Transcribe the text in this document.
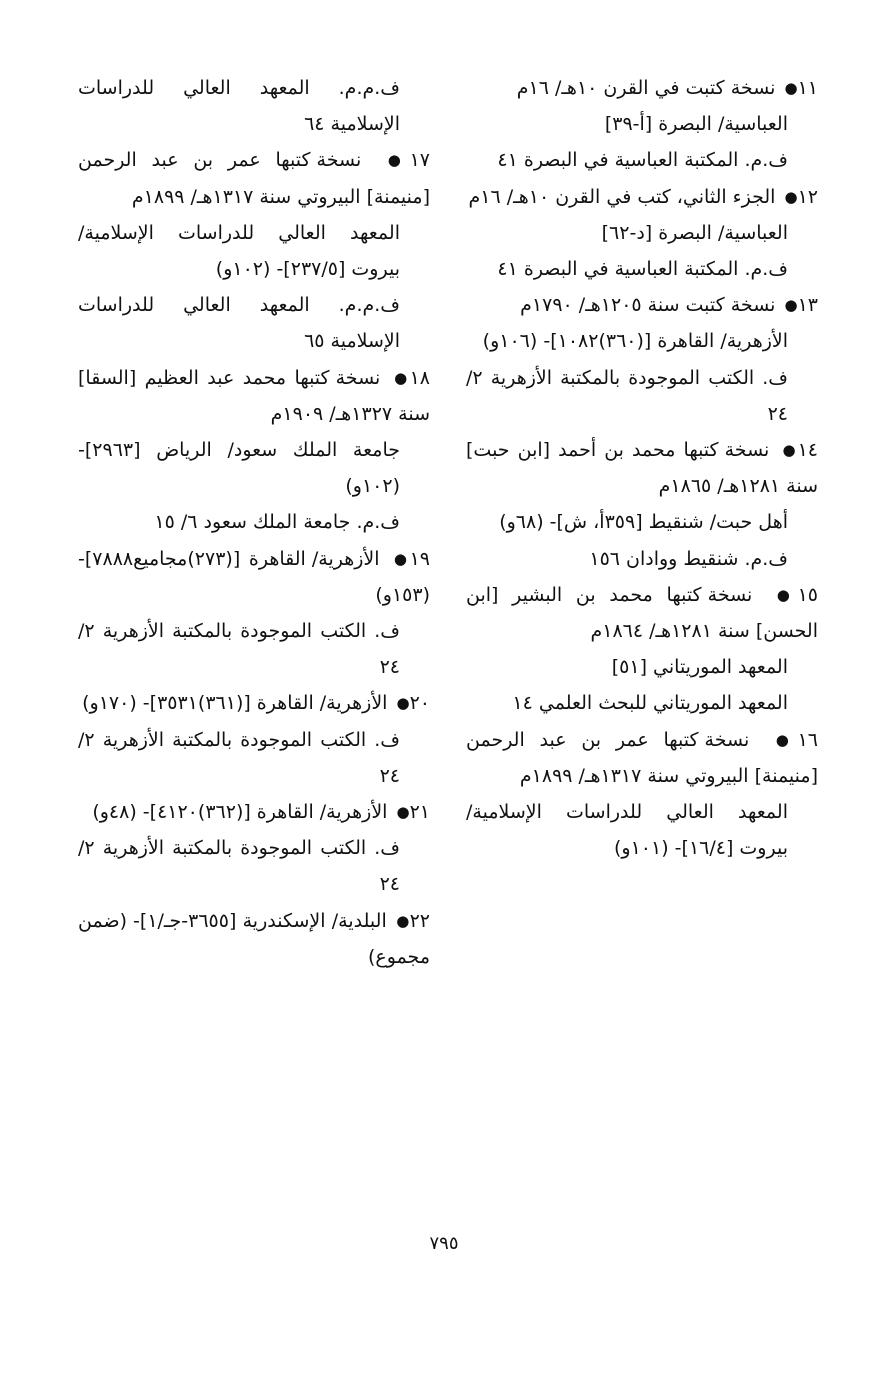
١١● نسخة كتبت في القرن ١٠هـ/ ١٦م
العباسية/ البصرة [أ-٣٩]
ف.م. المكتبة العباسية في البصرة ٤١
١٢● الجزء الثاني، كتب في القرن ١٠هـ/ ١٦م
العباسية/ البصرة [د-٦٢]
ف.م. المكتبة العباسية في البصرة ٤١
١٣● نسخة كتبت سنة ١٢٠٥هـ/ ١٧٩٠م
الأزهرية/ القاهرة [(٣٦٠)١٠٨٢]- (١٠٦و)
ف. الكتب الموجودة بالمكتبة الأزهرية ٢/ ٢٤
١٤● نسخة كتبها محمد بن أحمد [ابن حبت] سنة ١٢٨١هـ/ ١٨٦٥م
أهل حبت/ شنقيط [٣٥٩أ، ش]- (٦٨و)
ف.م. شنقيط ووادان ١٥٦
١٥● نسخة كتبها محمد بن البشير [ابن الحسن] سنة ١٢٨١هـ/ ١٨٦٤م
المعهد الموريتاني [٥١]
المعهد الموريتاني للبحث العلمي ١٤
١٦● نسخة كتبها عمر بن عبد الرحمن [منيمنة] البيروتي سنة ١٣١٧هـ/ ١٨٩٩م
المعهد العالي للدراسات الإسلامية/ بيروت [١٦/٤]- (١٠١و)
ف.م.م. المعهد العالي للدراسات الإسلامية ٦٤
١٧● نسخة كتبها عمر بن عبد الرحمن [منيمنة] البيروتي سنة ١٣١٧هـ/ ١٨٩٩م
المعهد العالي للدراسات الإسلامية/ بيروت [٢٣٧/٥]- (١٠٢و)
ف.م.م. المعهد العالي للدراسات الإسلامية ٦٥
١٨● نسخة كتبها محمد عبد العظيم [السقا] سنة ١٣٢٧هـ/ ١٩٠٩م
جامعة الملك سعود/ الرياض [٢٩٦٣]- (١٠٢و)
ف.م. جامعة الملك سعود ٦/ ١٥
١٩● الأزهرية/ القاهرة [(٢٧٣)مجاميع٧٨٨٨]- (١٥٣و)
ف. الكتب الموجودة بالمكتبة الأزهرية ٢/ ٢٤
٢٠● الأزهرية/ القاهرة [(٣٦١)٣٥٣١]- (١٧٠و)
ف. الكتب الموجودة بالمكتبة الأزهرية ٢/ ٢٤
٢١● الأزهرية/ القاهرة [(٣٦٢)٤١٢٠]- (٤٨و)
ف. الكتب الموجودة بالمكتبة الأزهرية ٢/ ٢٤
٢٢● البلدية/ الإسكندرية [٣٦٥٥-جـ/١]- (ضمن مجموع)
٧٩٥
